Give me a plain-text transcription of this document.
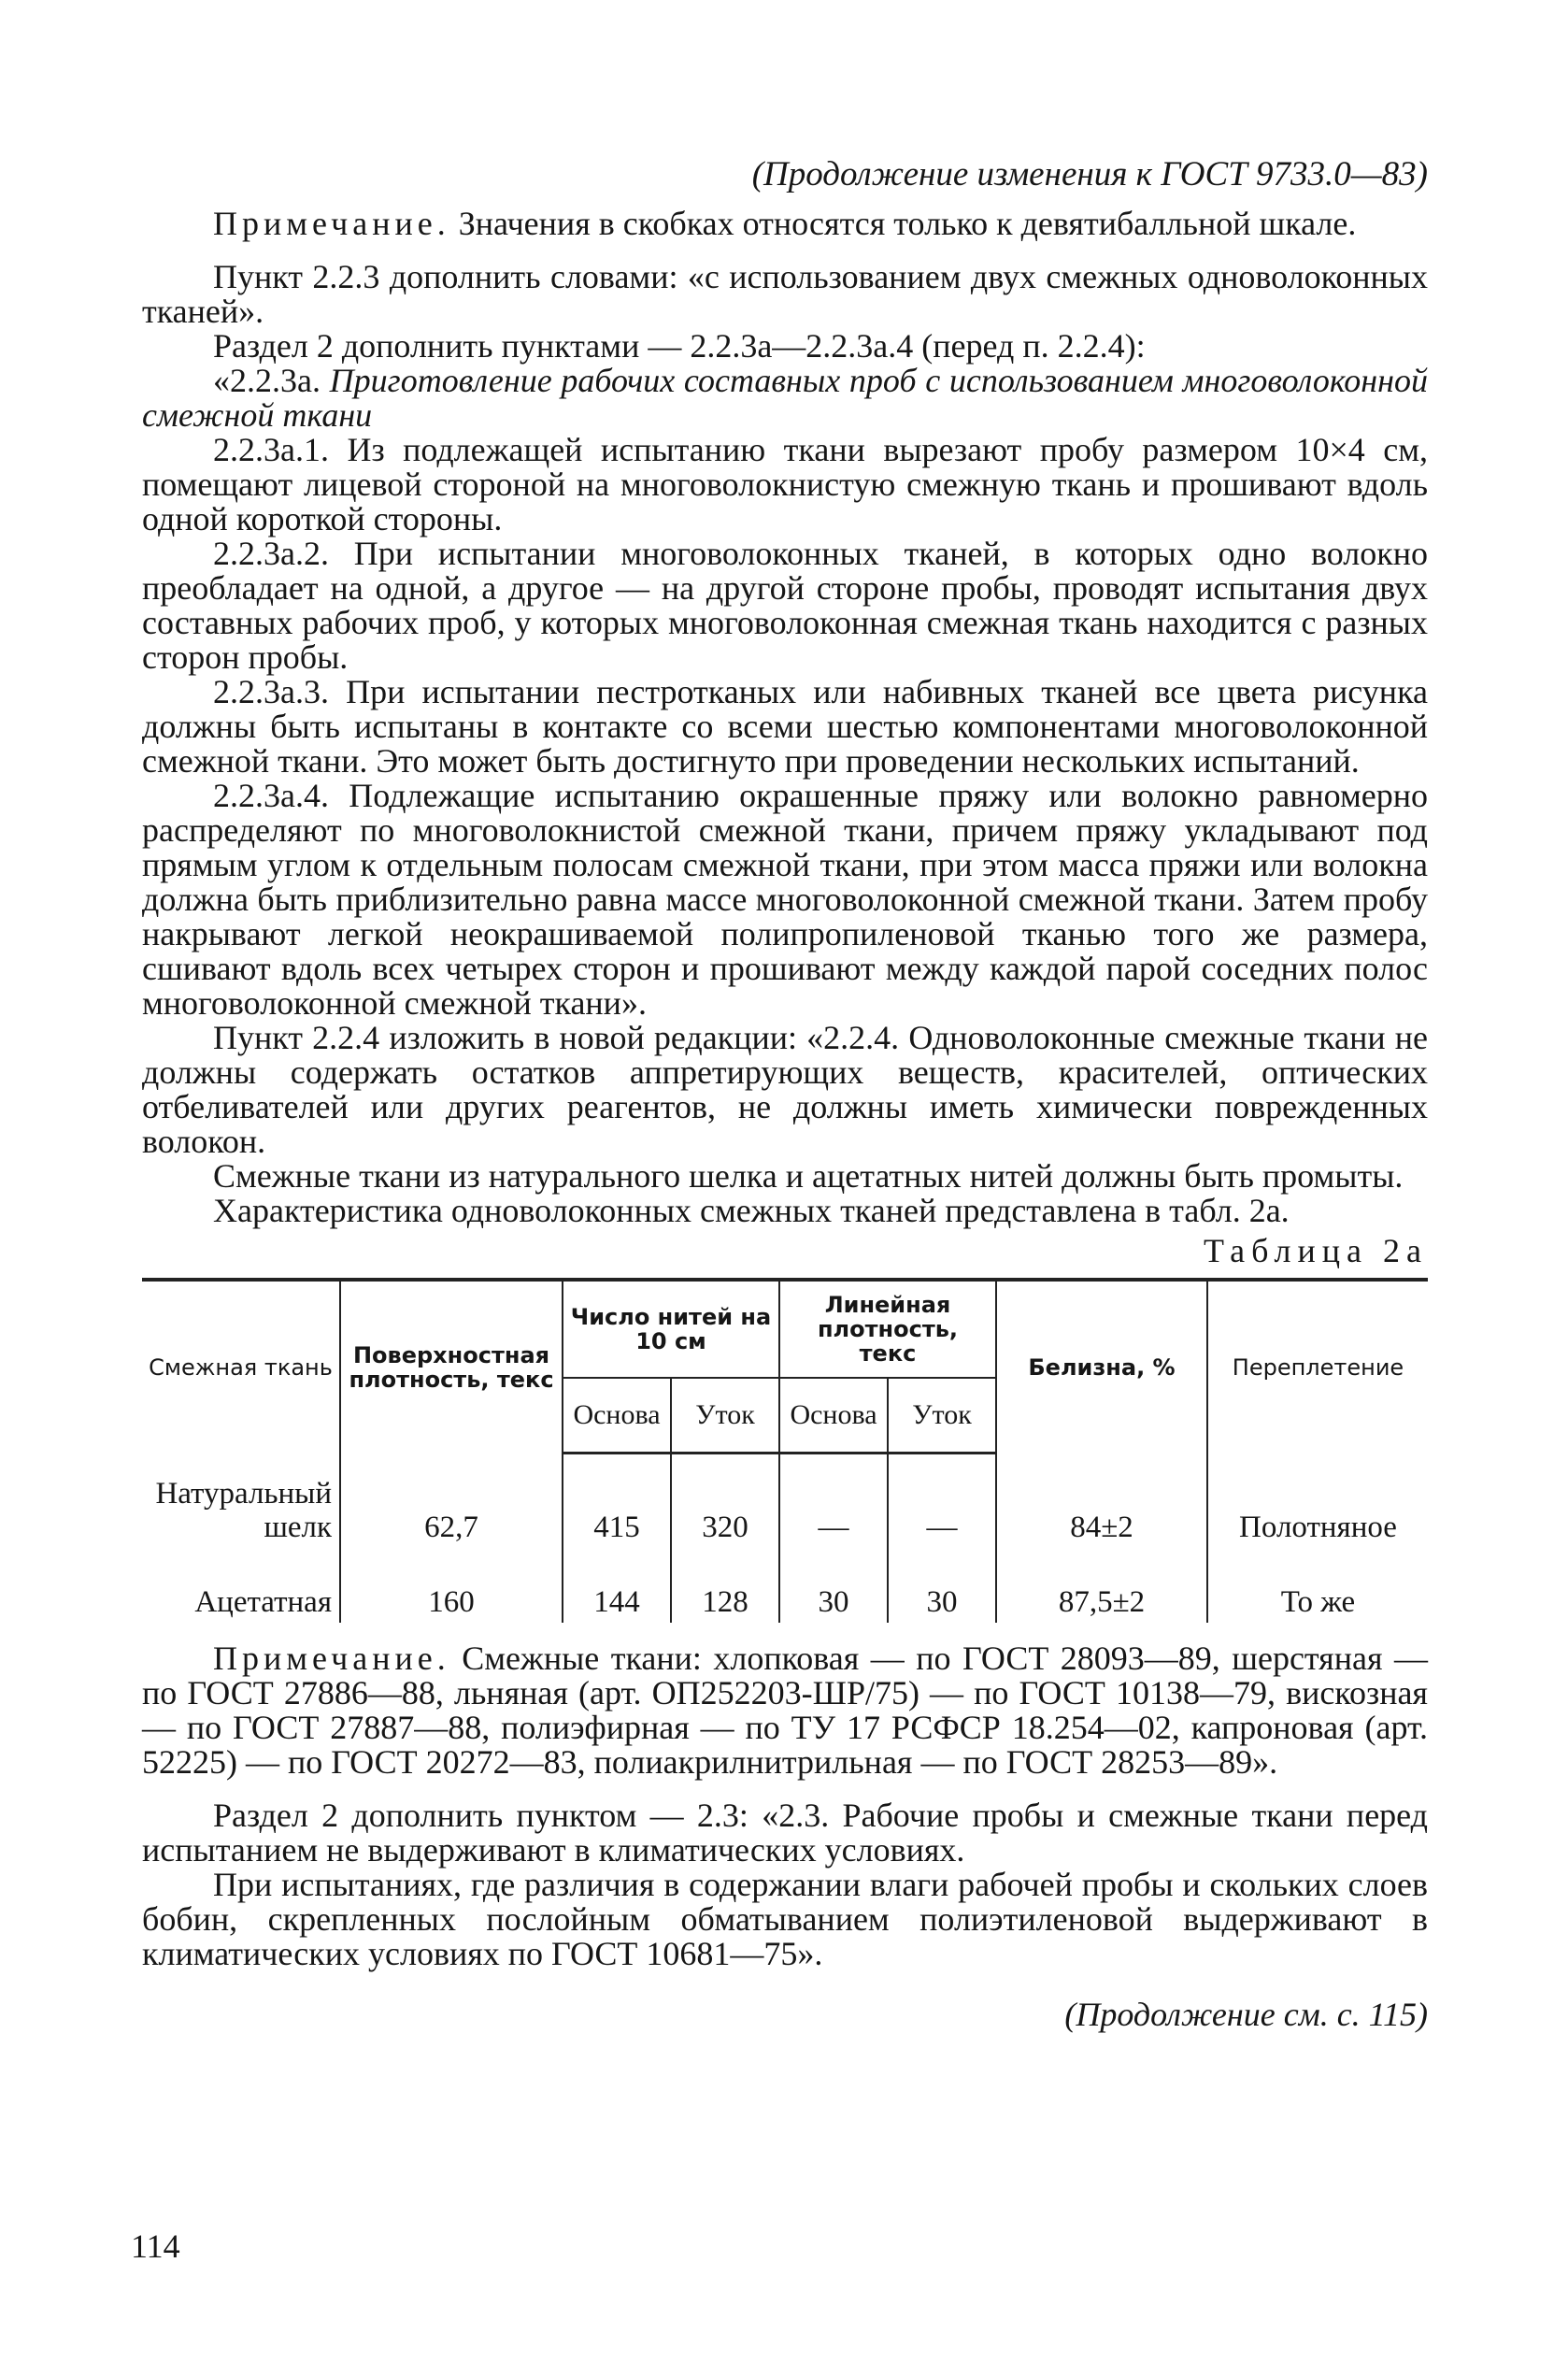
(Продолжение изменения к ГОСТ 9733.0—83)

Примечание. Значения в скобках относятся только к девятибалльной шкале.

Пункт 2.2.3 дополнить словами: «с использованием двух смежных одноволоконных тканей».

Раздел 2 дополнить пунктами — 2.2.3а—2.2.3а.4 (перед п. 2.2.4):

«2.2.3а. Приготовление рабочих составных проб с использованием многоволоконной смежной ткани

2.2.3а.1. Из подлежащей испытанию ткани вырезают пробу размером 10×4 см, помещают лицевой стороной на многоволокнистую смежную ткань и прошивают вдоль одной короткой стороны.

2.2.3а.2. При испытании многоволоконных тканей, в которых одно волокно преобладает на одной, а другое — на другой стороне пробы, проводят испытания двух составных рабочих проб, у которых многоволоконная смежная ткань находится с разных сторон пробы.

2.2.3а.3. При испытании пестротканых или набивных тканей все цвета рисунка должны быть испытаны в контакте со всеми шестью компонентами многоволоконной смежной ткани. Это может быть достигнуто при проведении нескольких испытаний.

2.2.3а.4. Подлежащие испытанию окрашенные пряжу или волокно равномерно распределяют по многоволокнистой смежной ткани, причем пряжу укладывают под прямым углом к отдельным полосам смежной ткани, при этом масса пряжи или волокна должна быть приблизительно равна массе многоволоконной смежной ткани. Затем пробу накрывают легкой неокрашиваемой полипропиленовой тканью того же размера, сшивают вдоль всех четырех сторон и прошивают между каждой парой соседних полос многоволоконной смежной ткани».

Пункт 2.2.4 изложить в новой редакции: «2.2.4. Одноволоконные смежные ткани не должны содержать остатков аппретирующих веществ, красителей, оптических отбеливателей или других реагентов, не должны иметь химически поврежденных волокон.

Смежные ткани из натурального шелка и ацетатных нитей должны быть промыты.

Характеристика одноволоконных смежных тканей представлена в табл. 2а.

Таблица 2а

Смежная ткань	Поверхностная плотность, текс	Число нитей на 10 см		Линейная плотность, текс		Белизна, %	Переплетение
		Основа	Уток	Основа	Уток		
Натуральный шелк	62,7	415	320	—	—	84±2	Полотняное
Ацетатная	160	144	128	30	30	87,5±2	То же

Примечание. Смежные ткани: хлопковая — по ГОСТ 28093—89, шерстяная — по ГОСТ 27886—88, льняная (арт. ОП252203-ШР/75) — по ГОСТ 10138—79, вискозная — по ГОСТ 27887—88, полиэфирная — по ТУ 17 РСФСР 18.254—02, капроновая (арт. 52225) — по ГОСТ 20272—83, полиакрилнитрильная — по ГОСТ 28253—89».

Раздел 2 дополнить пунктом — 2.3: «2.3. Рабочие пробы и смежные ткани перед испытанием не выдерживают в климатических условиях.

При испытаниях, где различия в содержании влаги рабочей пробы и скольких слоев бобин, скрепленных послойным обматыванием полиэтиленовой выдерживают в климатических условиях по ГОСТ 10681—75».

(Продолжение см. с. 115)

114
